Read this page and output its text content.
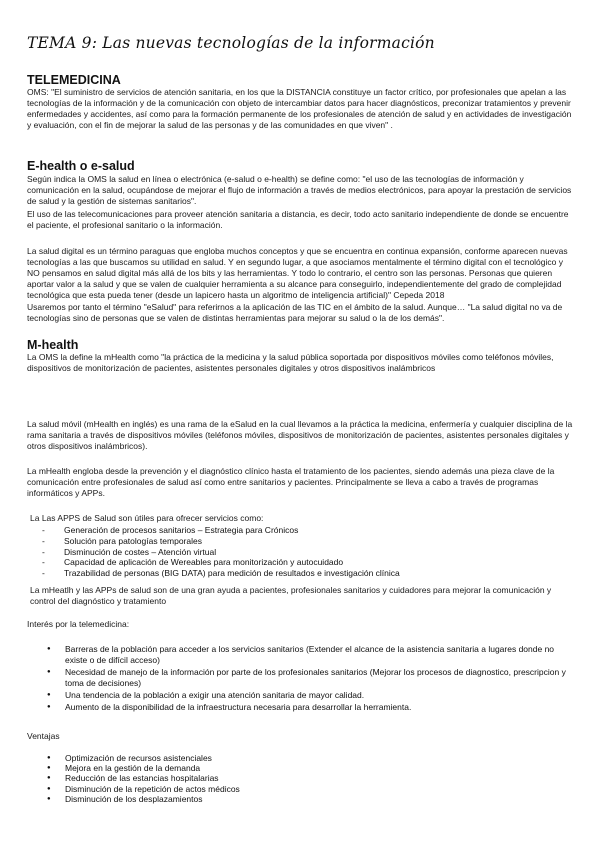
TEMA 9: Las nuevas tecnologías de la información
TELEMEDICINA

OMS: "El suministro de servicios de atención sanitaria, en los que la DISTANCIA constituye un factor crítico, por profesionales que apelan a las tecnologías de la información y de la comunicación con objeto de intercambiar datos para hacer diagnósticos, preconizar tratamientos y prevenir enfermedades y accidentes, así como para la formación permanente de los profesionales de atención de salud y en actividades de investigación y evaluación, con el fin de mejorar la salud de las personas y de las comunidades en que viven" .

E-health o e-salud

Según indica la OMS la salud en línea o electrónica (e-salud o e-health) se define como: "el uso de las tecnologías de información y comunicación en la salud, ocupándose de mejorar el flujo de información a través de medios electrónicos, para apoyar la prestación de servicios de salud y la gestión de sistemas sanitarios".

El uso de las telecomunicaciones para proveer atención sanitaria a distancia, es decir, todo acto sanitario independiente de donde se encuentre el paciente, el profesional sanitario o la información.

La salud digital es un término paraguas que engloba muchos conceptos y que se encuentra en continua expansión, conforme aparecen nuevas tecnologías a las que buscamos su utilidad en salud. Y en segundo lugar, a que asociamos mentalmente el término digital con el tecnológico y NO pensamos en salud digital más allá de los bits y las herramientas. Y todo lo contrario, el centro son las personas. Personas que quieren aportar valor a la salud y que se valen de cualquier herramienta a su alcance para conseguirlo, independientemente del grado de complejidad tecnológica que esta pueda tener (desde un lapicero hasta un algoritmo de inteligencia artificial)" Cepeda 2018

Usaremos por tanto el término "eSalud" para referirnos a la aplicación de las TIC en el ámbito de la salud. Aunque… "La salud digital no va de tecnologías sino de personas que se valen de distintas herramientas para mejorar su salud o la de los demás".

M-health

La OMS la define la mHealth como "la práctica de la medicina y la salud pública soportada por dispositivos móviles como teléfonos móviles, dispositivos de monitorización de pacientes, asistentes personales digitales y otros dispositivos inalámbricos

La salud móvil (mHealth en inglés) es una rama de la eSalud en la cual llevamos a la práctica la medicina, enfermería y cualquier disciplina de la rama sanitaria a través de dispositivos móviles (teléfonos móviles, dispositivos de monitorización de pacientes, asistentes personales digitales y otros dispositivos inalámbricos).

La mHealth engloba desde la prevención y el diagnóstico clínico hasta el tratamiento de los pacientes, siendo además una pieza clave de la comunicación entre profesionales de salud así como entre sanitarios y pacientes. Principalmente se lleva a cabo a través de programas informáticos y APPs.

La Las APPS de Salud son útiles para ofrecer servicios como:

- Generación de procesos sanitarios – Estrategia para Crónicos
- Solución para patologías temporales
- Disminución de costes – Atención virtual
- Capacidad de aplicación de Wereables para monitorización y autocuidado
- Trazabilidad de personas (BIG DATA) para medición de resultados e investigación clínica

La mHeatlh y las APPs de salud son de una gran ayuda a pacientes, profesionales sanitarios y cuidadores para mejorar la comunicación y control del diagnóstico y tratamiento

Interés por la telemedicina:
● Barreras de la población para acceder a los servicios sanitarios (Extender el alcance de la asistencia sanitaria a lugares donde no existe o de difícil acceso)
● Necesidad de manejo de la información por parte de los profesionales sanitarios (Mejorar los procesos de diagnostico, prescripcion y toma de decisiones)
● Una tendencia de la población a exigir una atención sanitaria de mayor calidad.
● Aumento de la disponibilidad de la infraestructura necesaria para desarrollar la herramienta.
Ventajas
● Optimización de recursos asistenciales
● Mejora en la gestión de la demanda
● Reducción de las estancias hospitalarias
● Disminución de la repetición de actos médicos
● Disminución de los desplazamientos
